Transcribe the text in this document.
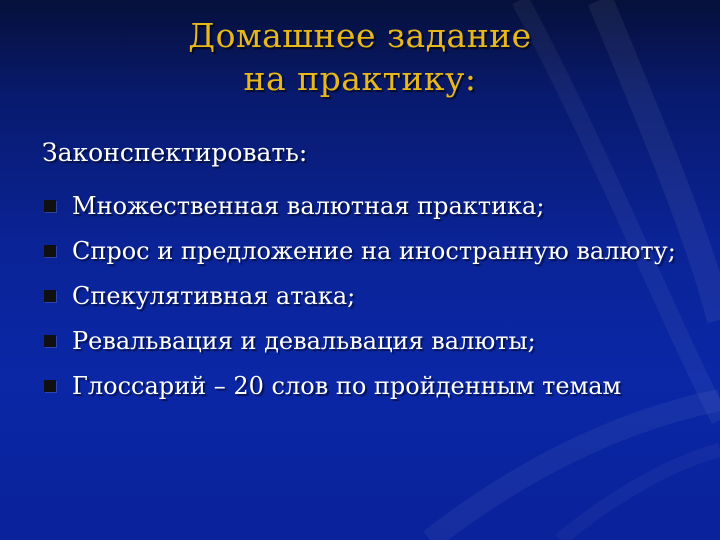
Домашнее задание
на практику:
Законспектировать:
Множественная валютная практика;
Спрос и предложение на иностранную валюту;
Спекулятивная атака;
Ревальвация и девальвация валюты;
Глоссарий – 20 слов по пройденным темам
